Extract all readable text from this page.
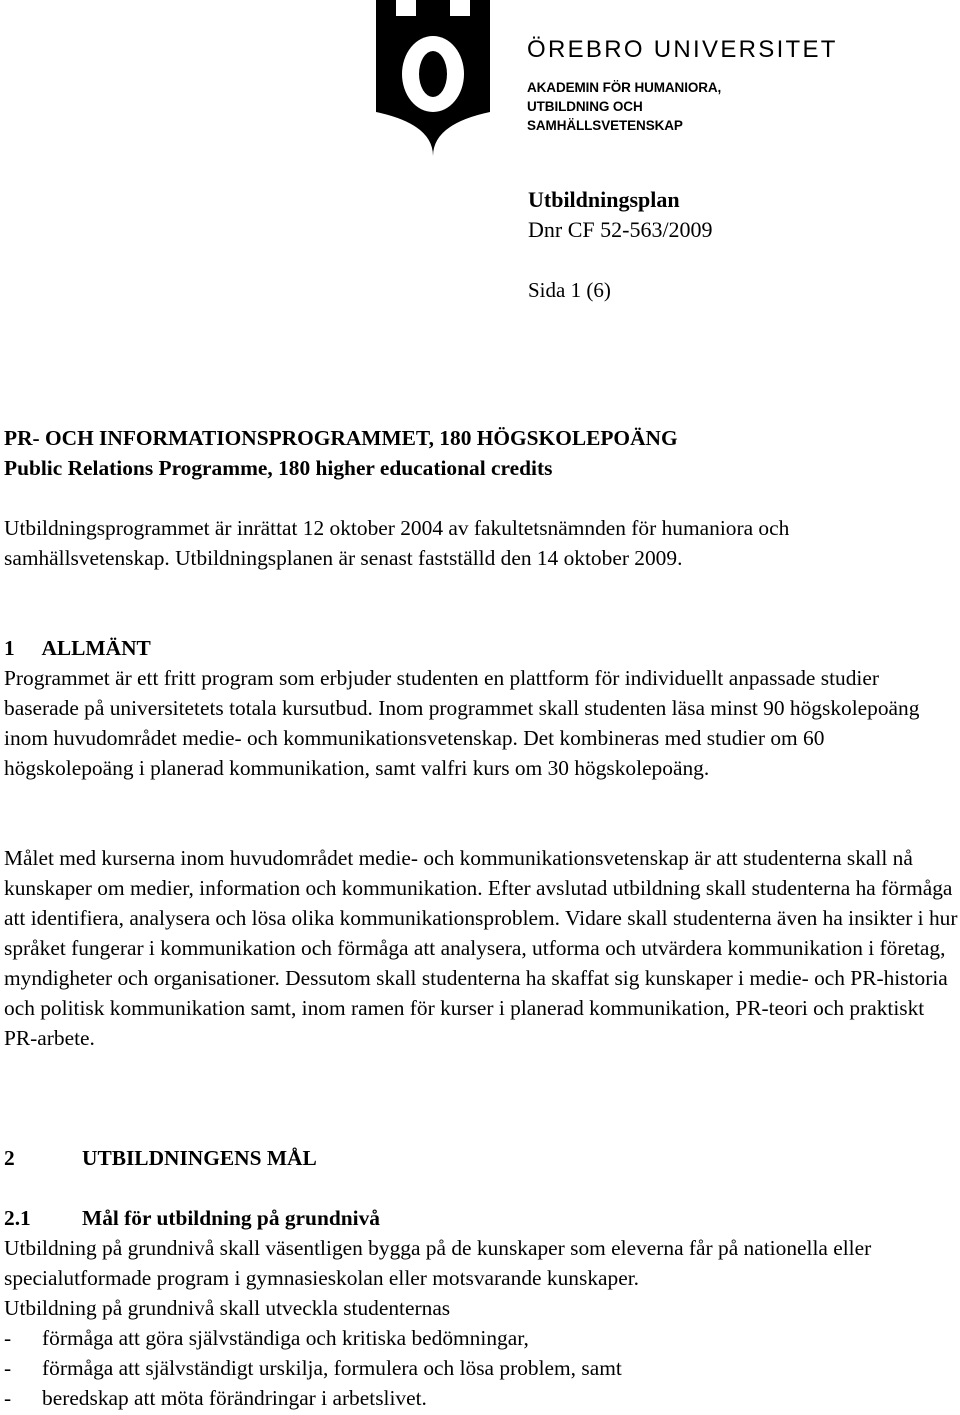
ÖREBRO UNIVERSITET
AKADEMIN FÖR HUMANIORA,
UTBILDNING OCH
SAMHÄLLSVETENSKAP
Utbildningsplan
Dnr CF 52-563/2009
Sida 1 (6)

PR- OCH INFORMATIONSPROGRAMMET, 180 HÖGSKOLEPOÄNG

Public Relations Programme, 180 higher educational credits

Utbildningsprogrammet är inrättat 12 oktober 2004 av fakultetsnämnden för humaniora och samhällsvetenskap. Utbildningsplanen är senast fastställd den 14 oktober 2009.

1 ALLMÄNT

Programmet är ett fritt program som erbjuder studenten en plattform för individuellt anpassade studier baserade på universitetets totala kursutbud. Inom programmet skall studenten läsa minst 90 högskolepoäng inom huvudområdet medie- och kommunikationsvetenskap. Det kombineras med studier om 60 högskolepoäng i planerad kommunikation, samt valfri kurs om 30 högskolepoäng.

Målet med kurserna inom huvudområdet medie- och kommunikationsvetenskap är att studenterna skall nå kunskaper om medier, information och kommunikation. Efter avslutad utbildning skall studenterna ha förmåga att identifiera, analysera och lösa olika kommunikationsproblem. Vidare skall studenterna även ha insikter i hur språket fungerar i kommunikation och förmåga att analysera, utforma och utvärdera kommunikation i företag, myndigheter och organisationer. Dessutom skall studenterna ha skaffat sig kunskaper i medie- och PR-historia och politisk kommunikation samt, inom ramen för kurser i planerad kommunikation, PR-teori och praktiskt PR-arbete.

2	UTBILDNINGENS MÅL

2.1 Mål för utbildning på grundnivå

Utbildning på grundnivå skall väsentligen bygga på de kunskaper som eleverna får på nationella eller specialutformade program i gymnasieskolan eller motsvarande kunskaper.

Utbildning på grundnivå skall utveckla studenternas

- förmåga att göra självständiga och kritiska bedömningar,
- förmåga att självständigt urskilja, formulera och lösa problem, samt
- beredskap att möta förändringar i arbetslivet.
